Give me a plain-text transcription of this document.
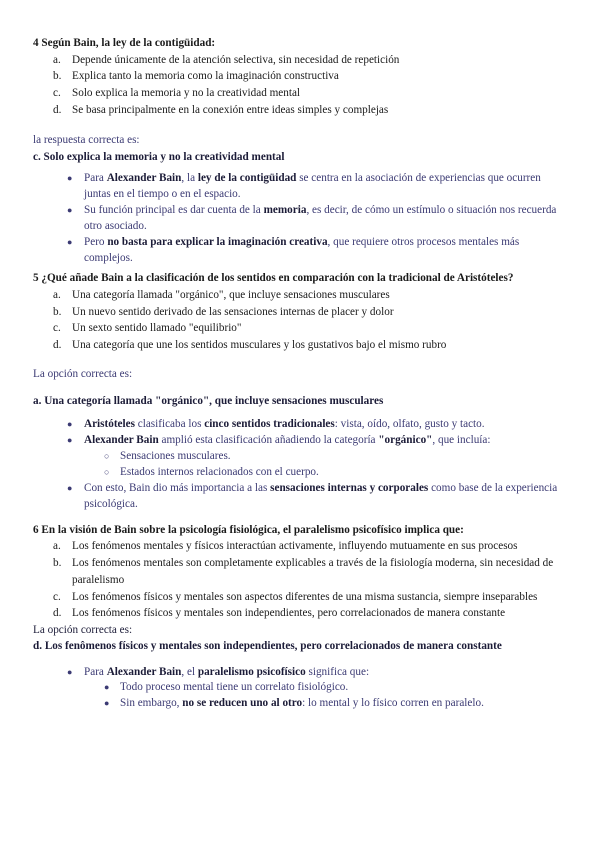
4 Según Bain, la ley de la contigüidad:

a. Depende únicamente de la atención selectiva, sin necesidad de repetición
b. Explica tanto la memoria como la imaginación constructiva
c. Solo explica la memoria y no la creatividad mental
d. Se basa principalmente en la conexión entre ideas simples y complejas

la respuesta correcta es:

c. Solo explica la memoria y no la creatividad mental

● Para Alexander Bain, la ley de la contigüidad se centra en la asociación de experiencias que ocurren juntas en el tiempo o en el espacio.
● Su función principal es dar cuenta de la memoria, es decir, de cómo un estímulo o situación nos recuerda otro asociado.
● Pero no basta para explicar la imaginación creativa, que requiere otros procesos mentales más complejos.

5 ¿Qué añade Bain a la clasificación de los sentidos en comparación con la tradicional de Aristóteles?

a. Una categoría llamada "orgánico", que incluye sensaciones musculares
b. Un nuevo sentido derivado de las sensaciones internas de placer y dolor
c. Un sexto sentido llamado "equilibrio"
d. Una categoría que une los sentidos musculares y los gustativos bajo el mismo rubro

La opción correcta es:

a. Una categoría llamada "orgánico", que incluye sensaciones musculares

● Aristóteles clasificaba los cinco sentidos tradicionales: vista, oído, olfato, gusto y tacto.
● Alexander Bain amplió esta clasificación añadiendo la categoría "orgánico", que incluía:
○ Sensaciones musculares.
○ Estados internos relacionados con el cuerpo.
● Con esto, Bain dio más importancia a las sensaciones internas y corporales como base de la experiencia psicológica.

6 En la visión de Bain sobre la psicología fisiológica, el paralelismo psicofísico implica que:

a. Los fenómenos mentales y físicos interactúan activamente, influyendo mutuamente en sus procesos
b. Los fenómenos mentales son completamente explicables a través de la fisiología moderna, sin necesidad de paralelismo
c. Los fenómenos físicos y mentales son aspectos diferentes de una misma sustancia, siempre inseparables
d. Los fenómenos físicos y mentales son independientes, pero correlacionados de manera constante

La opción correcta es:

d. Los fenômenos físicos y mentales son independientes, pero correlacionados de manera constante

● Para Alexander Bain, el paralelismo psicofísico significa que:
● Todo proceso mental tiene un correlato fisiológico.
● Sin embargo, no se reducen uno al otro: lo mental y lo físico corren en paralelo.
